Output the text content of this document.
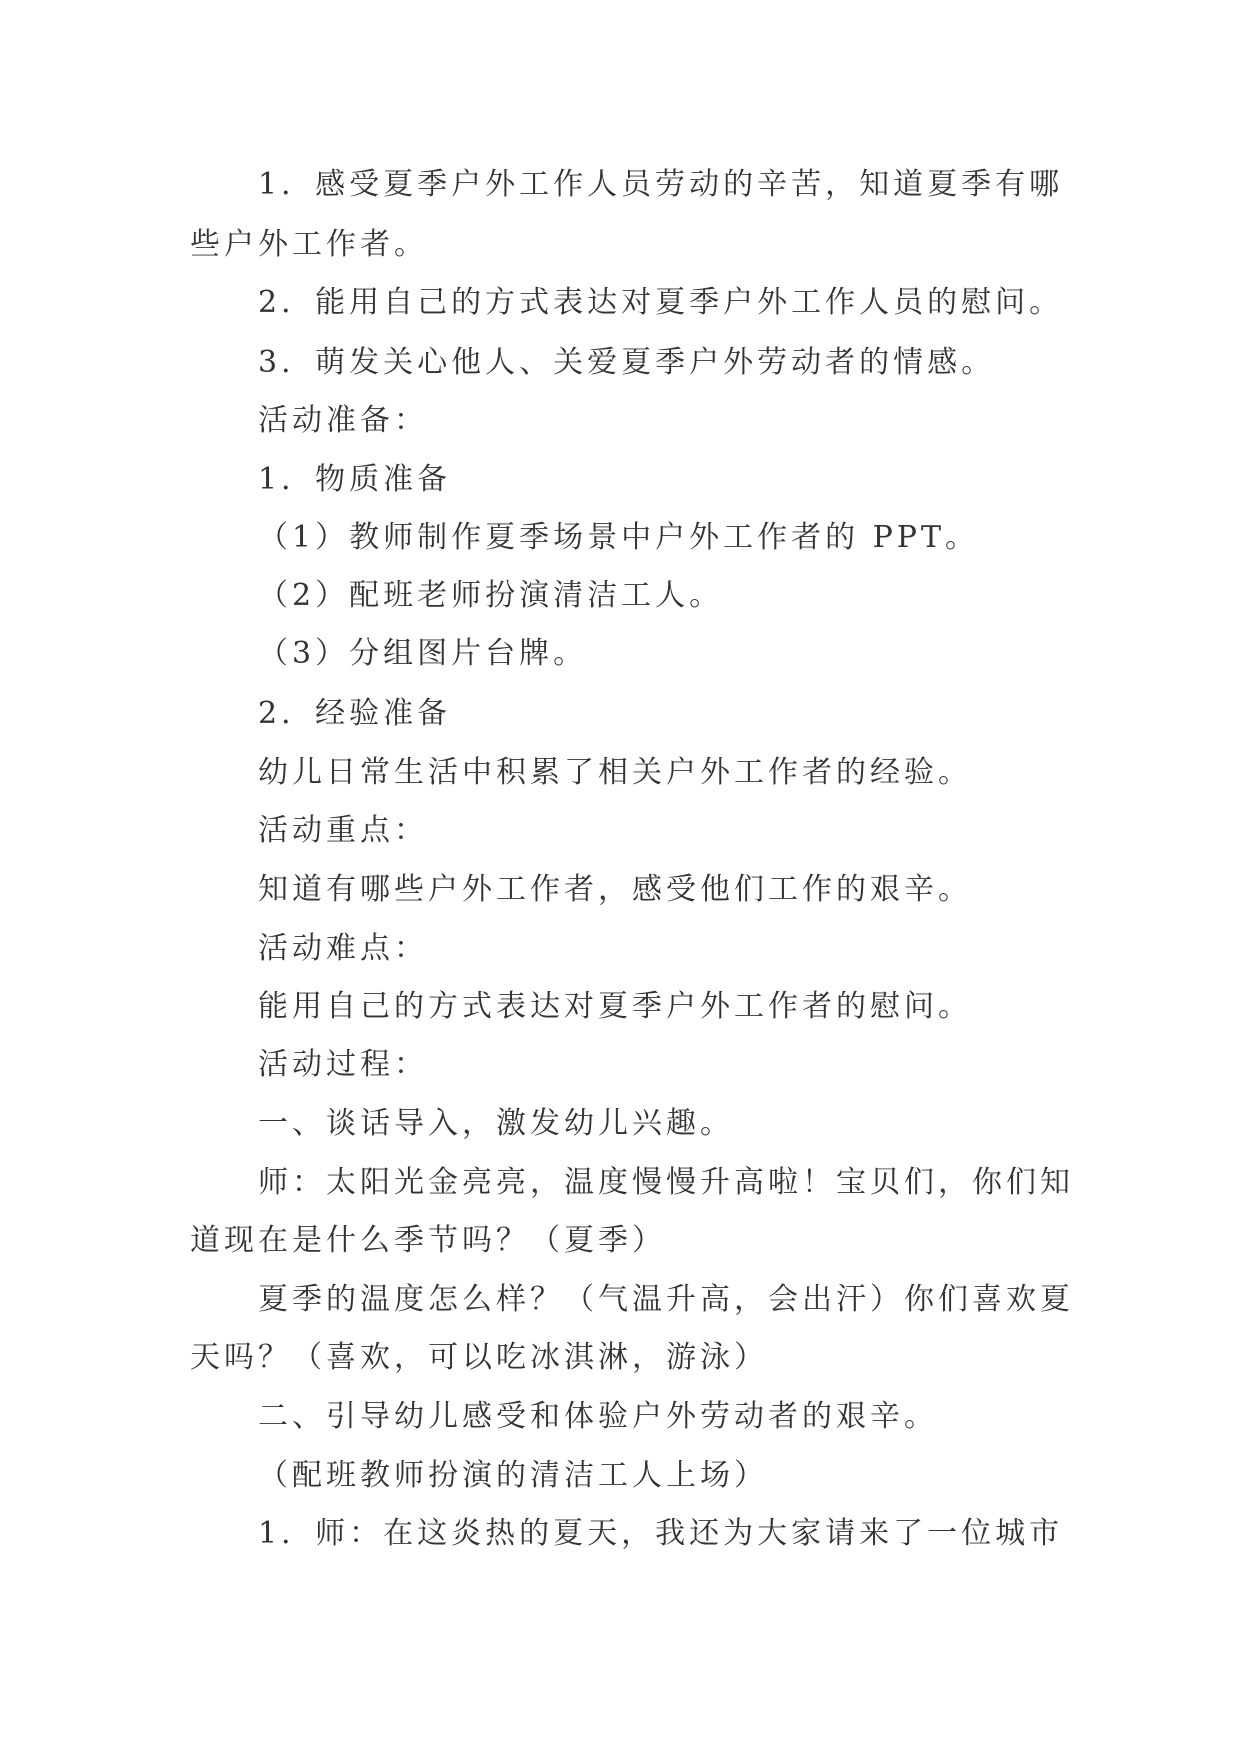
1．感受夏季户外工作人员劳动的辛苦，知道夏季有哪
些户外工作者。
2．能用自己的方式表达对夏季户外工作人员的慰问。
3．萌发关心他人、关爱夏季户外劳动者的情感。
活动准备：
1．物质准备
（1）教师制作夏季场景中户外工作者的 PPT。
（2）配班老师扮演清洁工人。
（3）分组图片台牌。
2．经验准备
幼儿日常生活中积累了相关户外工作者的经验。
活动重点：
知道有哪些户外工作者，感受他们工作的艰辛。
活动难点：
能用自己的方式表达对夏季户外工作者的慰问。
活动过程：
一、谈话导入，激发幼儿兴趣。
师：太阳光金亮亮，温度慢慢升高啦！宝贝们，你们知
道现在是什么季节吗？（夏季）
夏季的温度怎么样？（气温升高，会出汗）你们喜欢夏
天吗？（喜欢，可以吃冰淇淋，游泳）
二、引导幼儿感受和体验户外劳动者的艰辛。
（配班教师扮演的清洁工人上场）
1．师：在这炎热的夏天，我还为大家请来了一位城市
